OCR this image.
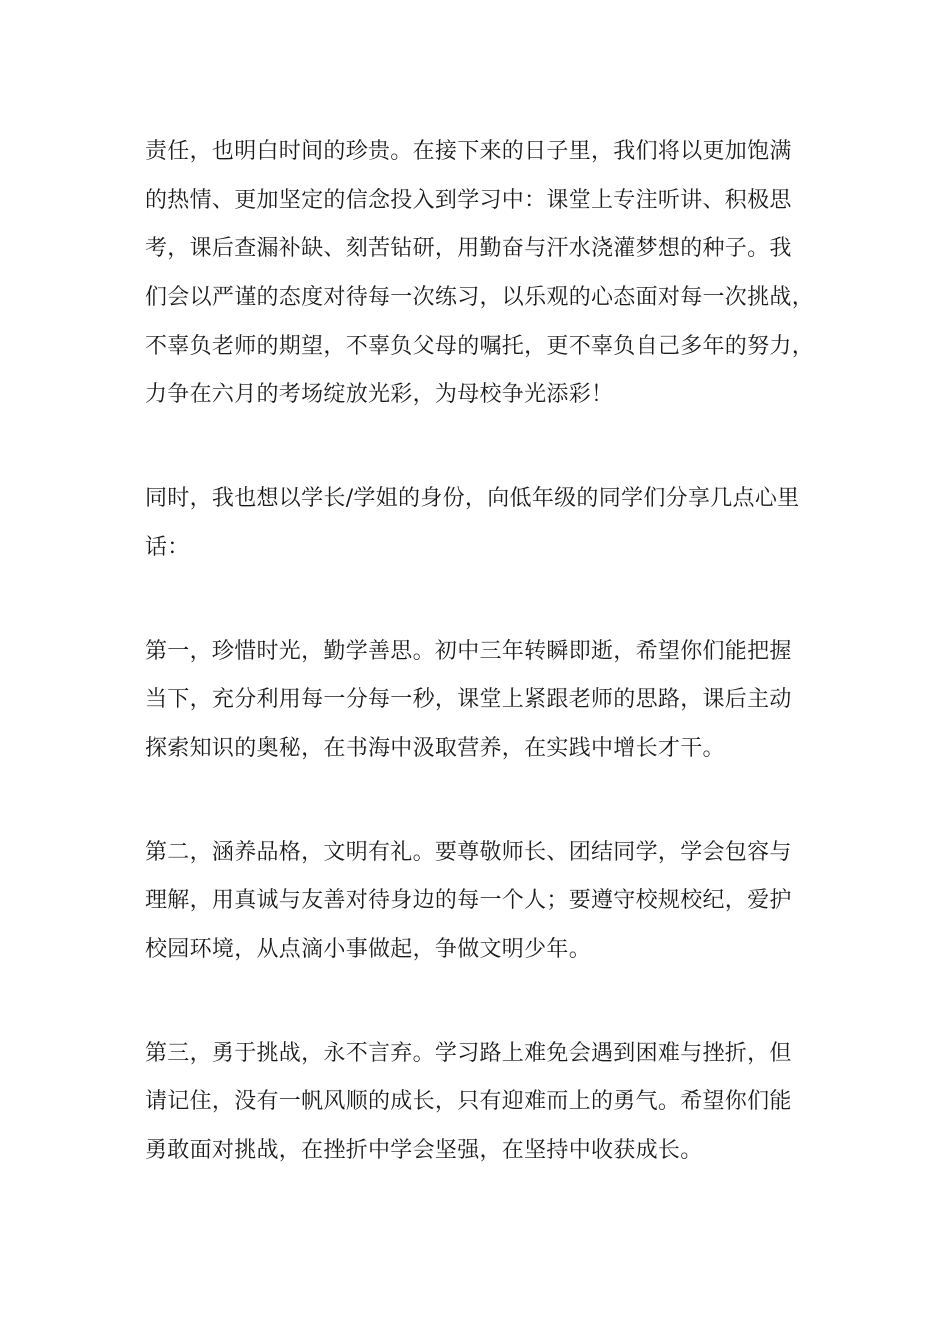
责任，也明白时间的珍贵。在接下来的日子里，我们将以更加饱满
的热情、更加坚定的信念投入到学习中：课堂上专注听讲、积极思
考，课后查漏补缺、刻苦钻研，用勤奋与汗水浇灌梦想的种子。我
们会以严谨的态度对待每一次练习，以乐观的心态面对每一次挑战，
不辜负老师的期望，不辜负父母的嘱托，更不辜负自己多年的努力，
力争在六月的考场绽放光彩，为母校争光添彩！
同时，我也想以学长/学姐的身份，向低年级的同学们分享几点心里
话：
第一，珍惜时光，勤学善思。初中三年转瞬即逝，希望你们能把握
当下，充分利用每一分每一秒，课堂上紧跟老师的思路，课后主动
探索知识的奥秘，在书海中汲取营养，在实践中增长才干。
第二，涵养品格，文明有礼。要尊敬师长、团结同学，学会包容与
理解，用真诚与友善对待身边的每一个人；要遵守校规校纪，爱护
校园环境，从点滴小事做起，争做文明少年。
第三，勇于挑战，永不言弃。学习路上难免会遇到困难与挫折，但
请记住，没有一帆风顺的成长，只有迎难而上的勇气。希望你们能
勇敢面对挑战，在挫折中学会坚强，在坚持中收获成长。
